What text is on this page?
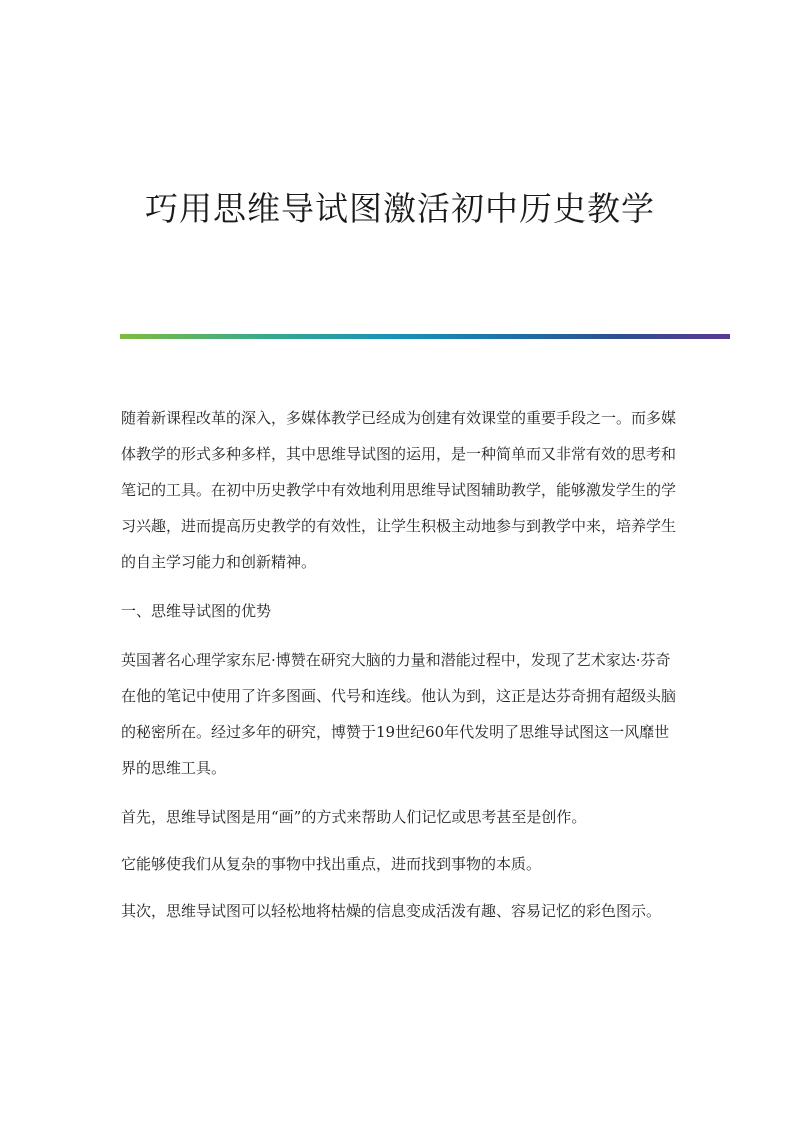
巧用思维导试图激活初中历史教学

随着新课程改革的深入，多媒体教学已经成为创建有效课堂的重要手段之一。而多媒体教学的形式多种多样，其中思维导试图的运用，是一种简单而又非常有效的思考和笔记的工具。在初中历史教学中有效地利用思维导试图辅助教学，能够激发学生的学习兴趣，进而提高历史教学的有效性，让学生积极主动地参与到教学中来，培养学生的自主学习能力和创新精神。

一、思维导试图的优势

英国著名心理学家东尼·博赞在研究大脑的力量和潜能过程中，发现了艺术家达·芬奇在他的笔记中使用了许多图画、代号和连线。他认为到，这正是达芬奇拥有超级头脑的秘密所在。经过多年的研究，博赞于19世纪60年代发明了思维导试图这一风靡世界的思维工具。

首先，思维导试图是用“画”的方式来帮助人们记忆或思考甚至是创作。

它能够使我们从复杂的事物中找出重点，进而找到事物的本质。

其次，思维导试图可以轻松地将枯燥的信息变成活泼有趣、容易记忆的彩色图示。
